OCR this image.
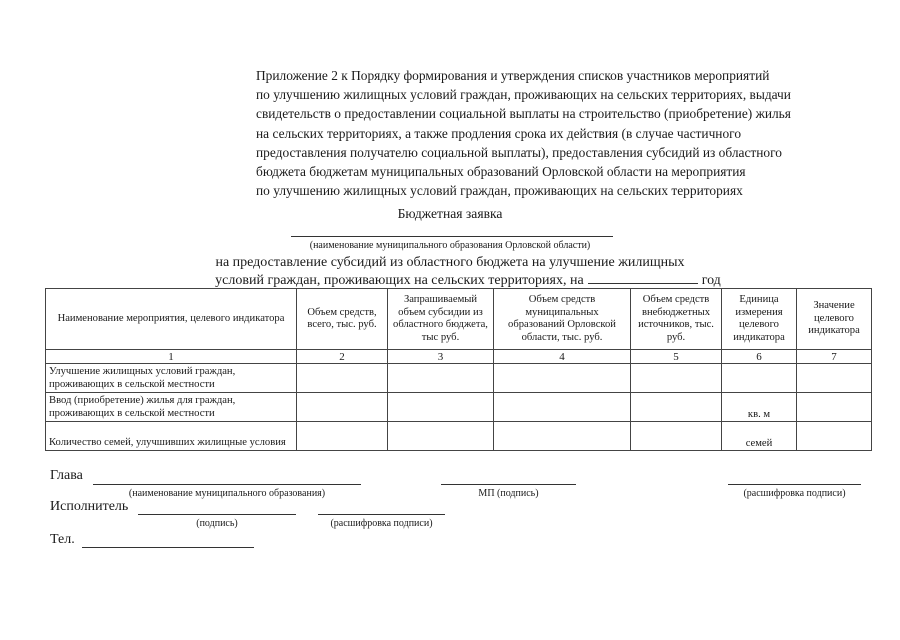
Приложение 2 к Порядку формирования и утверждения списков участников мероприятий
по улучшению жилищных условий граждан, проживающих на сельских территориях, выдачи
свидетельств о предоставлении социальной выплаты на строительство (приобретение) жилья
на сельских территориях, а также продления срока их действия (в случае частичного
предоставления получателю социальной выплаты), предоставления субсидий из областного
бюджета бюджетам муниципальных образований Орловской области на мероприятия
по улучшению жилищных условий граждан, проживающих на сельских территориях
Бюджетная заявка
(наименование муниципального образования Орловской области)
на предоставление субсидий из областного бюджета на улучшение жилищных
условий граждан, проживающих на сельских территориях, на	год
Наименование мероприятия, целевого индикатора	Объем средств, всего, тыс. руб.	Запрашиваемый объем субсидии из областного бюджета, тыс руб.	Объем средств муниципальных образований Орловской области, тыс. руб.	Объем средств внебюджетных источников, тыс. руб.	Единица измерения целевого индикатора	Значение целевого индикатора
1	2	3	4	5	6	7
Улучшение жилищных условий граждан, проживающих в сельской местности						
Ввод (приобретение) жилья для граждан, проживающих в сельской местности					кв. м	
Количество семей, улучшивших жилищные условия					семей	
Глава
(наименование муниципального образования)	МП (подпись)	(расшифровка подписи)
Исполнитель
(подпись)	(расшифровка подписи)
Тел.
